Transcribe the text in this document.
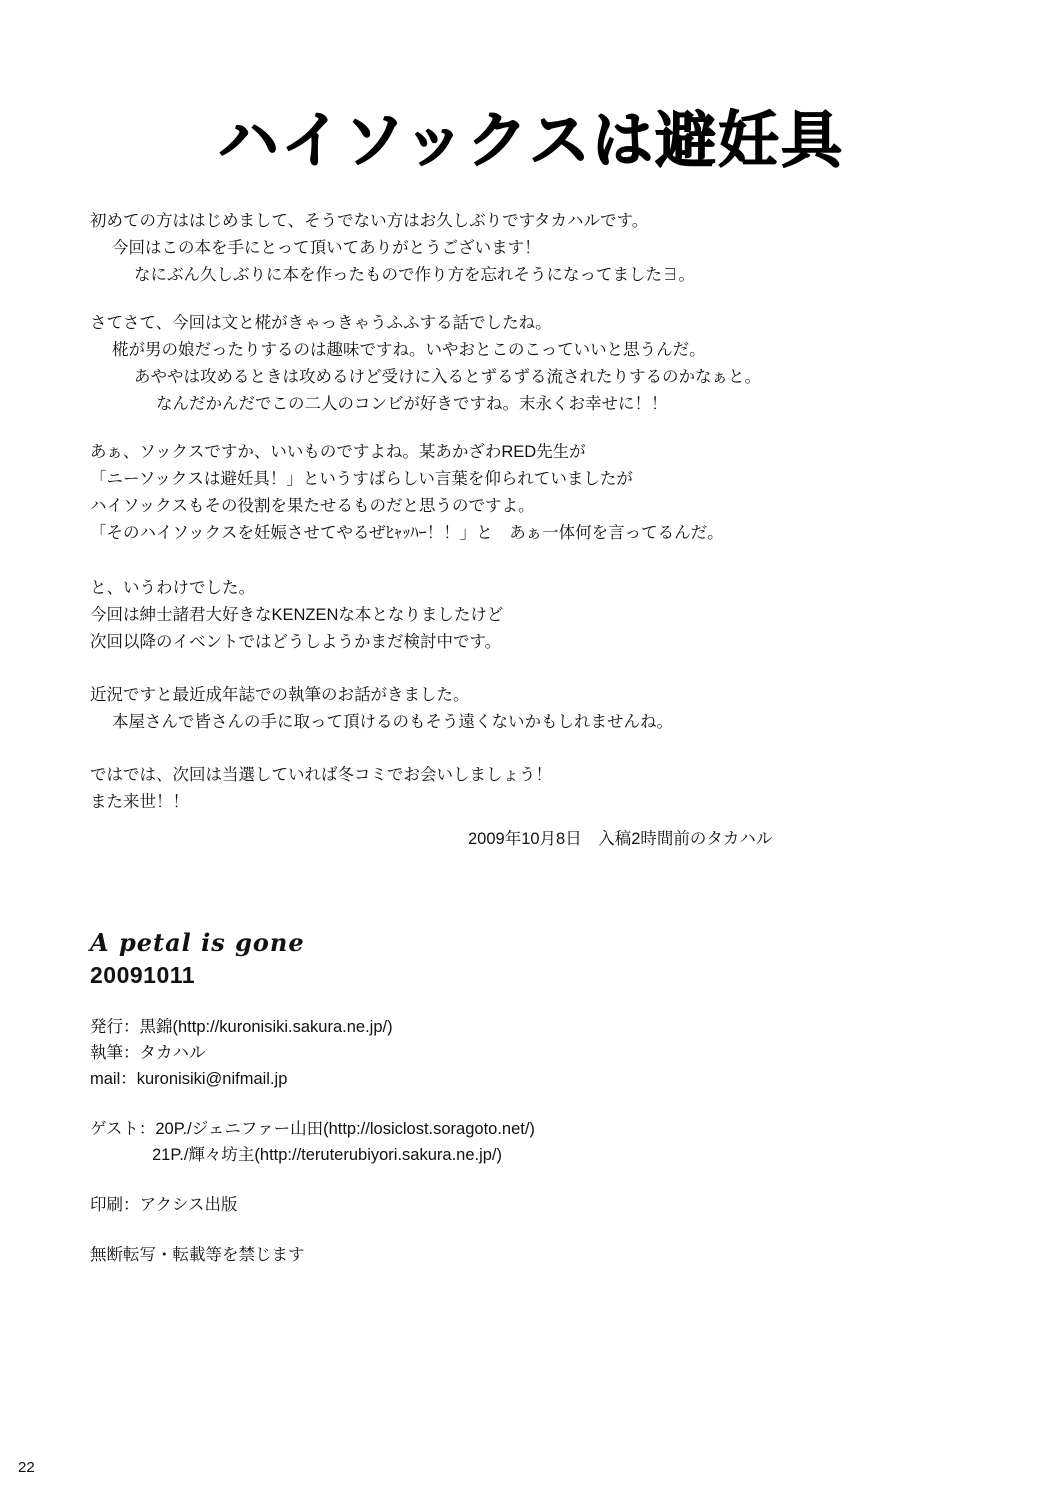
ハイソックスは避妊具

初めての方ははじめまして、そうでない方はお久しぶりですタカハルです。

今回はこの本を手にとって頂いてありがとうございます！

なにぶん久しぶりに本を作ったもので作り方を忘れそうになってました∃。

さてさて、今回は文と椛がきゃっきゃうふふする話でしたね。

椛が男の娘だったりするのは趣味ですね。いやおとこのこっていいと思うんだ。

あややは攻めるときは攻めるけど受けに入るとずるずる流されたりするのかなぁと。

なんだかんだでこの二人のコンビが好きですね。末永くお幸せに！！

あぁ、ソックスですか、いいものですよね。某あかざわRED先生が

「ニーソックスは避妊具！」というすばらしい言葉を仰られていましたが

ハイソックスもその役割を果たせるものだと思うのですよ。

「そのハイソックスを妊娠させてやるぜﾋｬｯﾊｰ！！」と　あぁ一体何を言ってるんだ。

と、いうわけでした。

今回は紳士諸君大好きなKENZENな本となりましたけど

次回以降のイベントではどうしようかまだ検討中です。

近況ですと最近成年誌での執筆のお話がきました。

本屋さんで皆さんの手に取って頂けるのもそう遠くないかもしれませんね。

ではでは、次回は当選していれば冬コミでお会いしましょう！

また来世！！

2009年10月8日　入稿2時間前のタカハル

A petal is gone

20091011

発行：黒錦(http://kuronisiki.sakura.ne.jp/)

執筆：タカハル

mail：kuronisiki@nifmail.jp

ゲスト：20P./ジェニファー山田(http://losiclost.soragoto.net/)

21P./輝々坊主(http://teruterubiyori.sakura.ne.jp/)

印刷：アクシス出版

無断転写・転載等を禁じます

22
